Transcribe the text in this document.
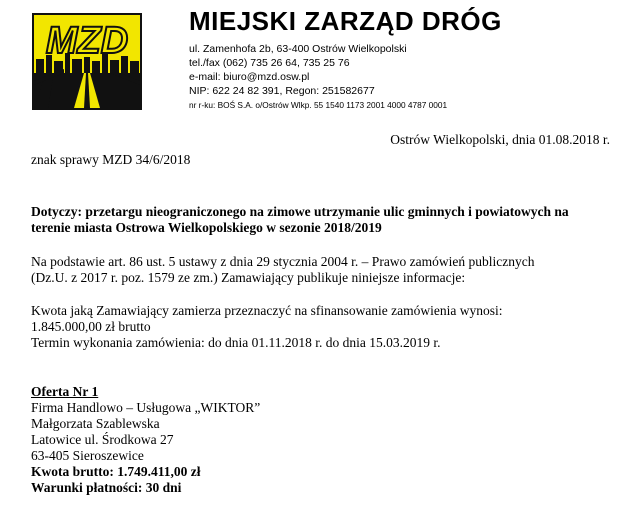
MZD MIEJSKI ZARZĄD DRÓG
ul. Zamenhofa 2b, 63-400 Ostrów Wielkopolski
tel./fax (062) 735 26 64, 735 25 76
e-mail: biuro@mzd.osw.pl
NIP: 622 24 82 391, Regon: 251582677
nr r-ku: BOŚ S.A. o/Ostrów Wlkp. 55 1540 1173 2001 4000 4787 0001
Ostrów Wielkopolski, dnia 01.08.2018 r.
znak sprawy MZD 34/6/2018
Dotyczy: przetargu nieograniczonego na zimowe utrzymanie ulic gminnych i powiatowych na
terenie miasta Ostrowa Wielkopolskiego w sezonie 2018/2019
Na podstawie art. 86 ust. 5 ustawy z dnia 29 stycznia 2004 r. – Prawo zamówień publicznych
(Dz.U. z 2017 r. poz. 1579 ze zm.) Zamawiający publikuje niniejsze informacje:
Kwota jaką Zamawiający zamierza przeznaczyć na sfinansowanie zamówienia wynosi:
1.845.000,00 zł brutto
Termin wykonania zamówienia: do dnia 01.11.2018 r. do dnia 15.03.2019 r.
Oferta Nr 1
Firma Handlowo – Usługowa „WIKTOR”
Małgorzata Szablewska
Latowice ul. Środkowa 27
63-405 Sieroszewice
Kwota brutto: 1.749.411,00 zł
Warunki płatności: 30 dni
